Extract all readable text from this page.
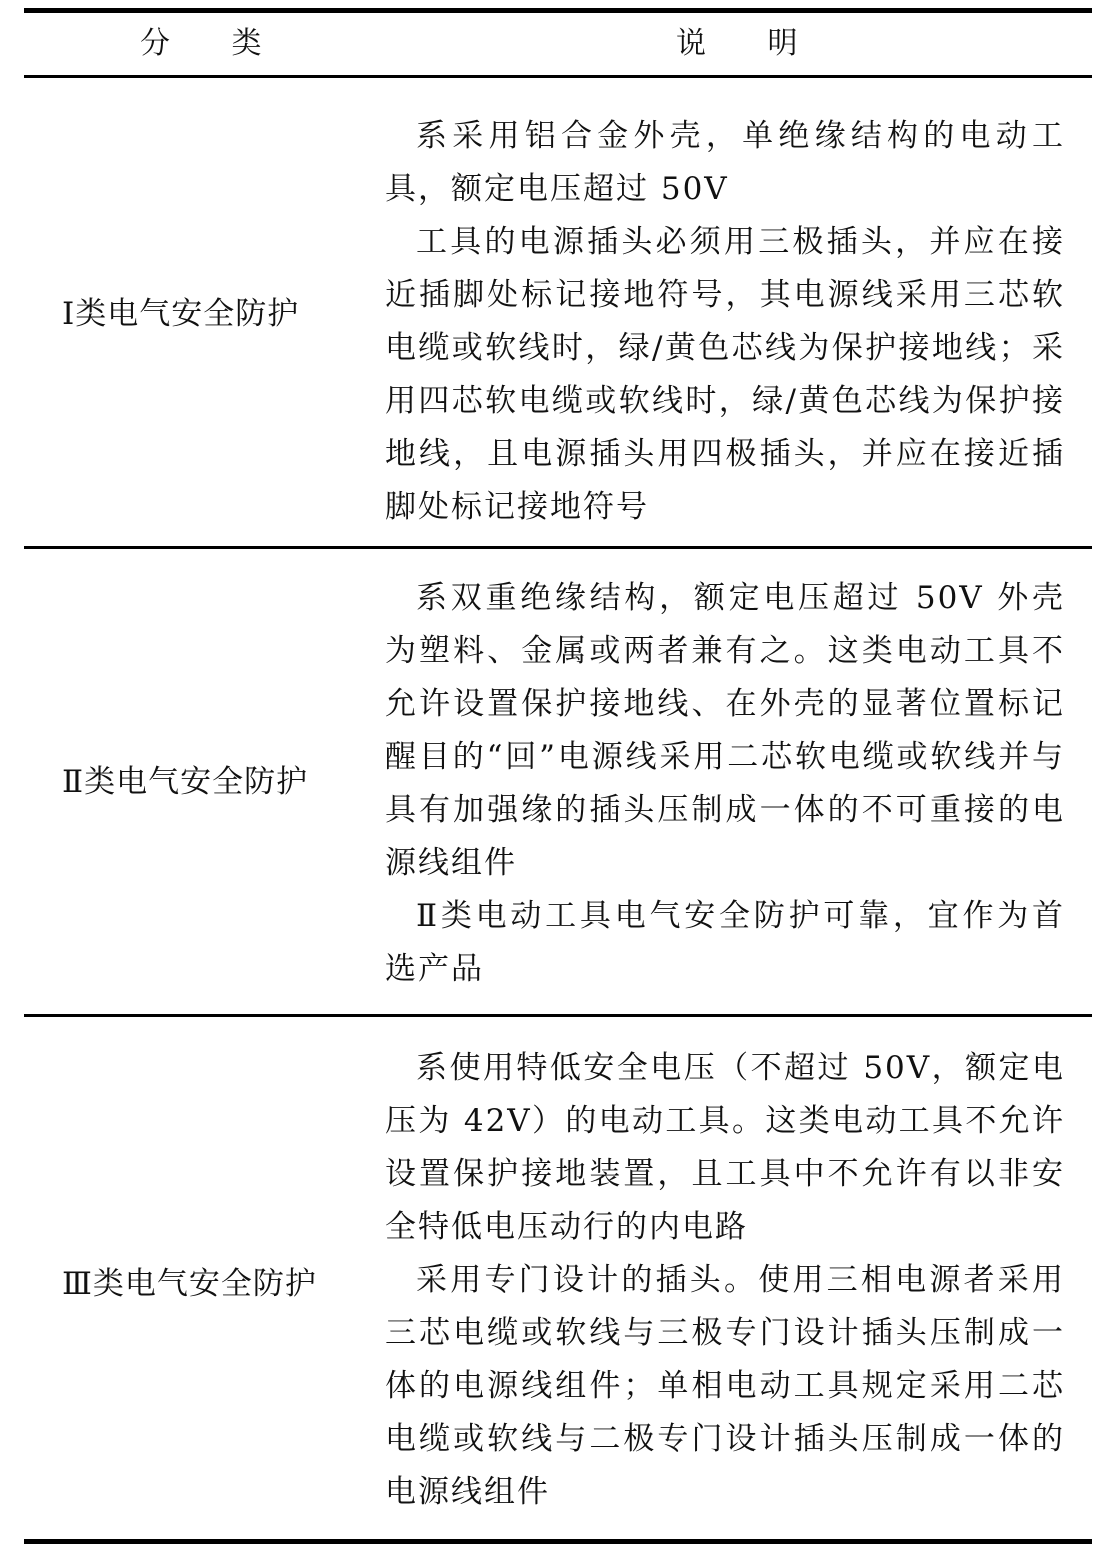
分 类	说 明
Ⅰ类电气安全防护

系采用铝合金外壳，单绝缘结构的电动工具，额定电压超过 50V

工具的电源插头必须用三极插头，并应在接近插脚处标记接地符号，其电源线采用三芯软电缆或软线时，绿/黄色芯线为保护接地线；采用四芯软电缆或软线时，绿/黄色芯线为保护接地线，且电源插头用四极插头，并应在接近插脚处标记接地符号

Ⅱ类电气安全防护

系双重绝缘结构，额定电压超过 50V 外壳为塑料、金属或两者兼有之。这类电动工具不允许设置保护接地线、在外壳的显著位置标记醒目的“回”电源线采用二芯软电缆或软线并与具有加强缘的插头压制成一体的不可重接的电源线组件

Ⅱ类电动工具电气安全防护可靠，宜作为首选产品

Ⅲ类电气安全防护

系使用特低安全电压（不超过 50V，额定电压为 42V）的电动工具。这类电动工具不允许设置保护接地装置，且工具中不允许有以非安全特低电压动行的内电路

采用专门设计的插头。使用三相电源者采用三芯电缆或软线与三极专门设计插头压制成一体的电源线组件；单相电动工具规定采用二芯电缆或软线与二极专门设计插头压制成一体的电源线组件
